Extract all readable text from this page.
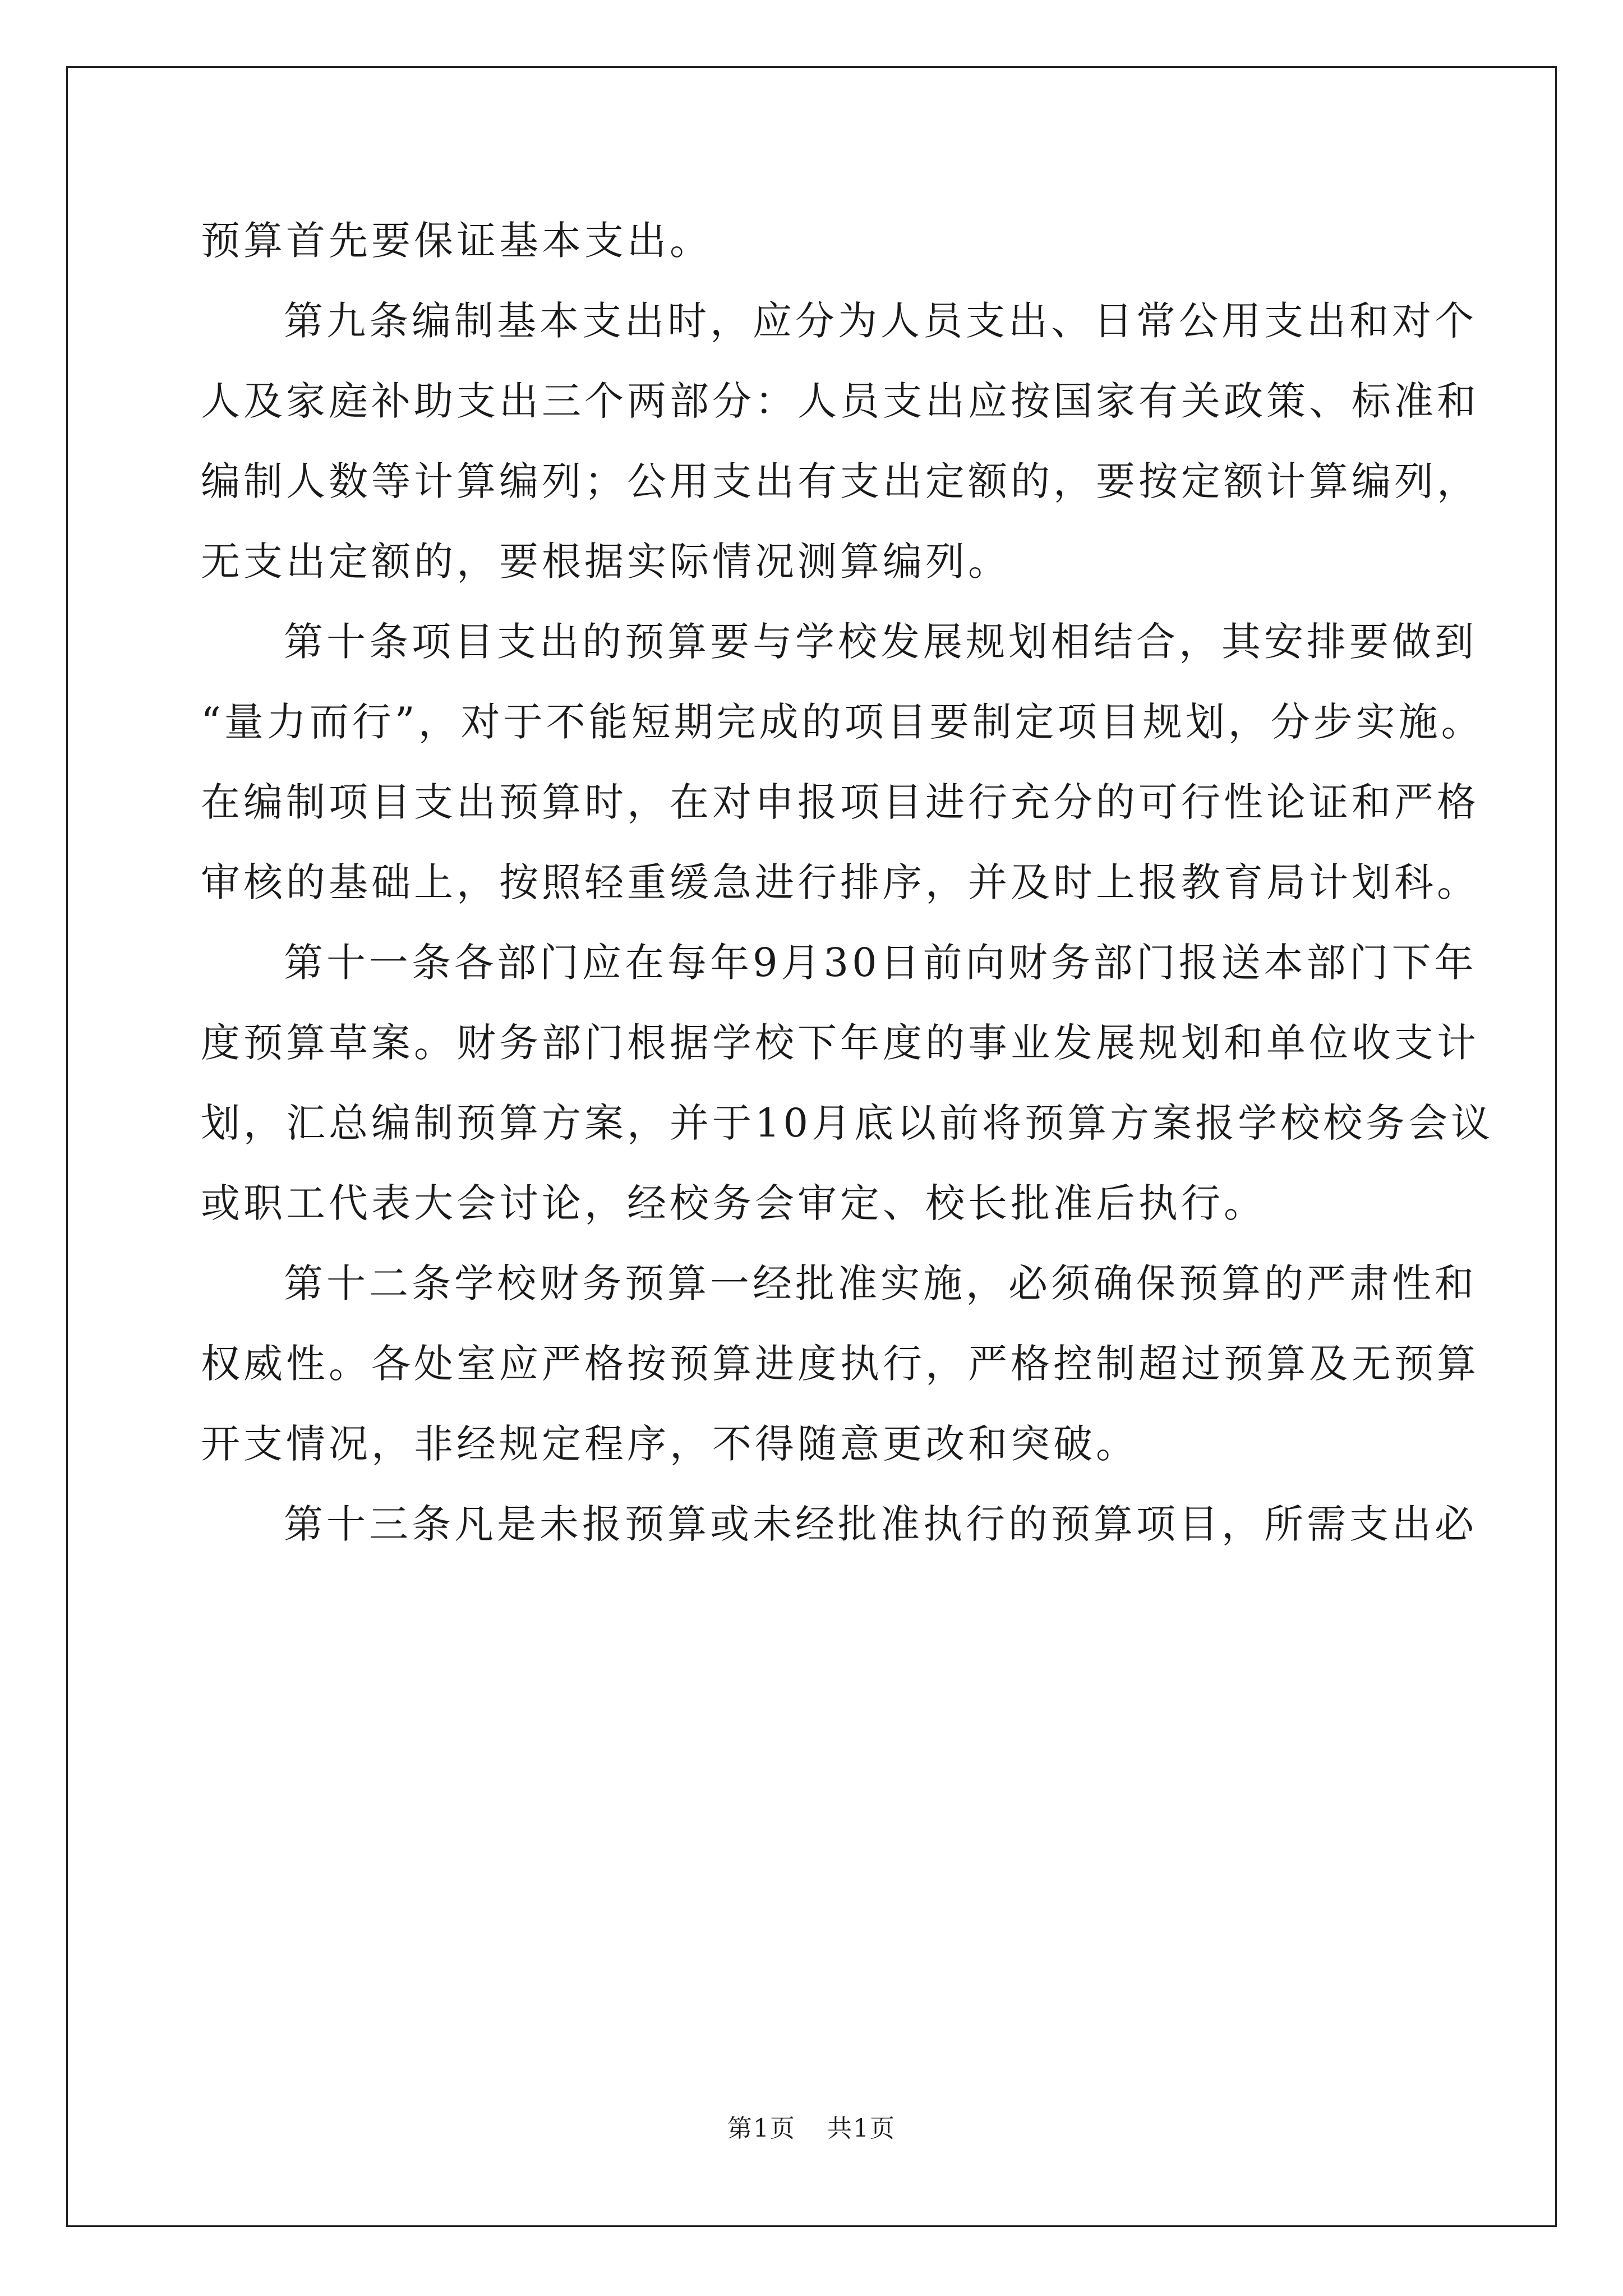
预算首先要保证基本支出。
第九条编制基本支出时，应分为人员支出、日常公用支出和对个
人及家庭补助支出三个两部分：人员支出应按国家有关政策、标准和
编制人数等计算编列；公用支出有支出定额的，要按定额计算编列，
无支出定额的，要根据实际情况测算编列。
第十条项目支出的预算要与学校发展规划相结合，其安排要做到
“量力而行”，对于不能短期完成的项目要制定项目规划，分步实施。
在编制项目支出预算时，在对申报项目进行充分的可行性论证和严格
审核的基础上，按照轻重缓急进行排序，并及时上报教育局计划科。
第十一条各部门应在每年9月30日前向财务部门报送本部门下年
度预算草案。财务部门根据学校下年度的事业发展规划和单位收支计
划，汇总编制预算方案，并于10月底以前将预算方案报学校校务会议
或职工代表大会讨论，经校务会审定、校长批准后执行。
第十二条学校财务预算一经批准实施，必须确保预算的严肃性和
权威性。各处室应严格按预算进度执行，严格控制超过预算及无预算
开支情况，非经规定程序，不得随意更改和突破。
第十三条凡是未报预算或未经批准执行的预算项目，所需支出必
第1页 共1页
